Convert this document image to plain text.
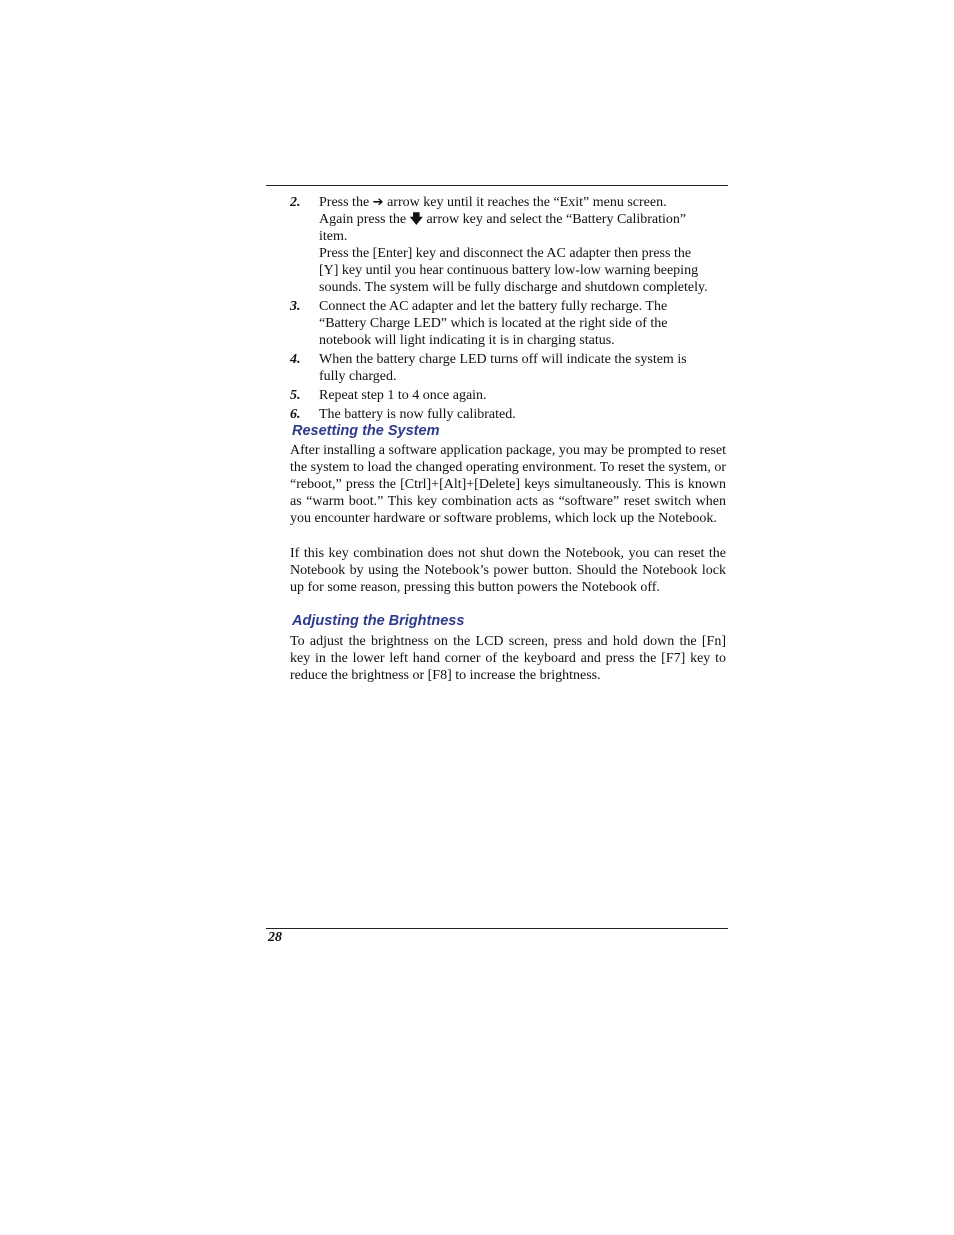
2. Press the ➔ arrow key until it reaches the “Exit” menu screen.
Again press the 🡇 arrow key and select the “Battery Calibration”
item.
Press the [Enter] key and disconnect the AC adapter then press the
[Y] key until you hear continuous battery low-low warning beeping
sounds. The system will be fully discharge and shutdown completely.
3. Connect the AC adapter and let the battery fully recharge. The
“Battery Charge LED” which is located at the right side of the
notebook will light indicating it is in charging status.
4. When the battery charge LED turns off will indicate the system is
fully charged.
5. Repeat step 1 to 4 once again.
6. The battery is now fully calibrated.
Resetting the System
After installing a software application package, you may be prompted to reset the system to load the changed operating environment. To reset the system, or “reboot,” press the [Ctrl]+[Alt]+[Delete] keys simultaneously. This is known as “warm boot.” This key combination acts as “software” reset switch when you encounter hardware or software problems, which lock up the Notebook.
If this key combination does not shut down the Notebook, you can reset the Notebook by using the Notebook’s power button. Should the Notebook lock up for some reason, pressing this button powers the Notebook off.
Adjusting the Brightness
To adjust the brightness on the LCD screen, press and hold down the [Fn] key in the lower left hand corner of the keyboard and press the [F7] key to reduce the brightness or [F8] to increase the brightness.
28
